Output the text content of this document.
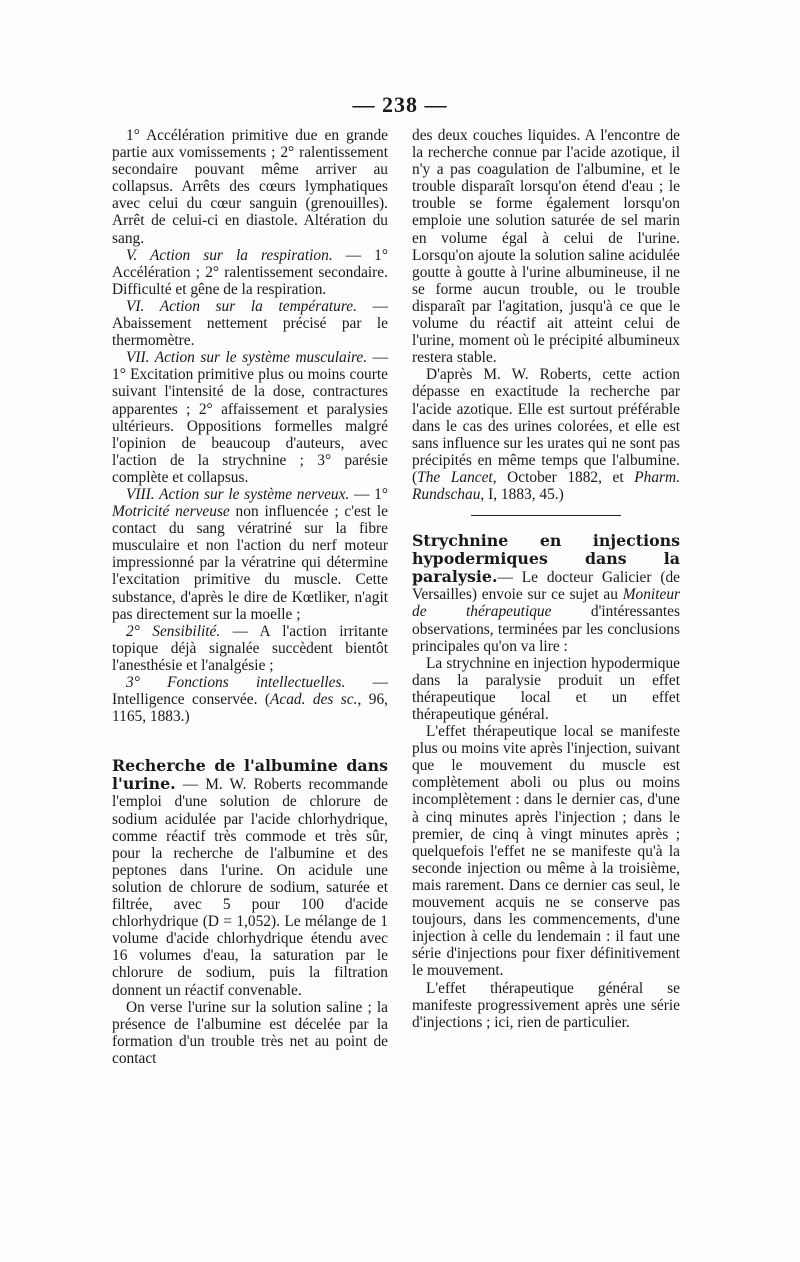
— 238 —

1° Accélération primitive due en grande partie aux vomissements ; 2° ralentissement secondaire pouvant même arriver au collapsus. Arrêts des cœurs lymphatiques avec celui du cœur sanguin (grenouilles). Arrêt de celui-ci en diastole. Altération du sang.

V. Action sur la respiration. — 1° Accélération ; 2° ralentissement secondaire. Difficulté et gêne de la respiration.

VI. Action sur la température. — Abaissement nettement précisé par le thermomètre.

VII. Action sur le système musculaire. — 1° Excitation primitive plus ou moins courte suivant l'intensité de la dose, contractures apparentes ; 2° affaissement et paralysies ultérieurs. Oppositions formelles malgré l'opinion de beaucoup d'auteurs, avec l'action de la strychnine ; 3° parésie complète et collapsus.

VIII. Action sur le système nerveux. — 1° Motricité nerveuse non influencée ; c'est le contact du sang vératriné sur la fibre musculaire et non l'action du nerf moteur impressionné par la vératrine qui détermine l'excitation primitive du muscle. Cette substance, d'après le dire de Kœtliker, n'agit pas directement sur la moelle ;

2° Sensibilité. — A l'action irritante topique déjà signalée succèdent bientôt l'anesthésie et l'analgésie ;

3° Fonctions intellectuelles. — Intelligence conservée. (Acad. des sc., 96, 1165, 1883.)

Recherche de l'albumine dans l'urine. — M. W. Roberts recommande l'emploi d'une solution de chlorure de sodium acidulée par l'acide chlorhydrique, comme réactif très commode et très sûr, pour la recherche de l'albumine et des peptones dans l'urine. On acidule une solution de chlorure de sodium, saturée et filtrée, avec 5 pour 100 d'acide chlorhydrique (D = 1,052). Le mélange de 1 volume d'acide chlorhydrique étendu avec 16 volumes d'eau, la saturation par le chlorure de sodium, puis la filtration donnent un réactif convenable.

On verse l'urine sur la solution saline ; la présence de l'albumine est décelée par la formation d'un trouble très net au point de contact

des deux couches liquides. A l'encontre de la recherche connue par l'acide azotique, il n'y a pas coagulation de l'albumine, et le trouble disparaît lorsqu'on étend d'eau ; le trouble se forme également lorsqu'on emploie une solution saturée de sel marin en volume égal à celui de l'urine. Lorsqu'on ajoute la solution saline acidulée goutte à goutte à l'urine albumineuse, il ne se forme aucun trouble, ou le trouble disparaît par l'agitation, jusqu'à ce que le volume du réactif ait atteint celui de l'urine, moment où le précipité albumineux restera stable.

D'après M. W. Roberts, cette action dépasse en exactitude la recherche par l'acide azotique. Elle est surtout préférable dans le cas des urines colorées, et elle est sans influence sur les urates qui ne sont pas précipités en même temps que l'albumine. (The Lancet, October 1882, et Pharm. Rundschau, I, 1883, 45.)

Strychnine en injections hypodermiques dans la paralysie.— Le docteur Galicier (de Versailles) envoie sur ce sujet au Moniteur de thérapeutique d'intéressantes observations, terminées par les conclusions principales qu'on va lire :

La strychnine en injection hypodermique dans la paralysie produit un effet thérapeutique local et un effet thérapeutique général.

L'effet thérapeutique local se manifeste plus ou moins vite après l'injection, suivant que le mouvement du muscle est complètement aboli ou plus ou moins incomplètement : dans le dernier cas, d'une à cinq minutes après l'injection ; dans le premier, de cinq à vingt minutes après ; quelquefois l'effet ne se manifeste qu'à la seconde injection ou même à la troisième, mais rarement. Dans ce dernier cas seul, le mouvement acquis ne se conserve pas toujours, dans les commencements, d'une injection à celle du lendemain : il faut une série d'injections pour fixer définitivement le mouvement.

L'effet thérapeutique général se manifeste progressivement après une série d'injections ; ici, rien de particulier.
